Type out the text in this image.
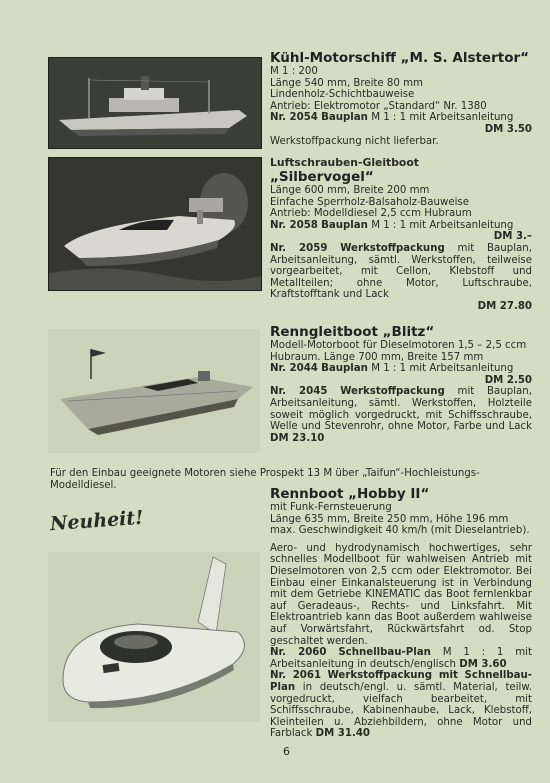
Kühl-Motorschiff „M. S. Alstertor“
M 1 : 200
Länge 540 mm, Breite 80 mm
Lindenholz-Schichtbauweise
Antrieb: Elektromotor „Standard“ Nr. 1380
Nr. 2054 Bauplan M 1 : 1 mit Arbeitsanleitung
DM 3.50
Werkstoffpackung nicht lieferbar.
Luftschrauben-Gleitboot
„Silbervogel“
Länge 600 mm, Breite 200 mm
Einfache Sperrholz-Balsaholz-Bauweise
Antrieb: Modelldiesel 2,5 ccm Hubraum
Nr. 2058 Bauplan M 1 : 1 mit Arbeitsanleitung
DM 3.–
Nr. 2059 Werkstoffpackung mit Bauplan, Arbeitsanleitung, sämtl. Werkstoffen, teilweise vorgearbeitet, mit Cellon, Klebstoff und Metallteilen; ohne Motor, Luftschraube, Kraftstofftank und Lack
DM 27.80
Renngleitboot „Blitz“
Modell-Motorboot für Dieselmotoren 1,5 – 2,5 ccm
Hubraum. Länge 700 mm, Breite 157 mm
Nr. 2044 Bauplan M 1 : 1 mit Arbeitsanleitung
DM 2.50
Nr. 2045 Werkstoffpackung mit Bauplan, Arbeitsanleitung, sämtl. Werkstoffen, Holzteile soweit möglich vorgedruckt, mit Schiffsschraube, Welle und Stevenrohr, ohne Motor, Farbe und Lack DM 23.10
Für den Einbau geeignete Motoren siehe Prospekt 13 M über „Taifun“-Hochleistungs-Modelldiesel.
Neuheit!
Rennboot „Hobby II“
mit Funk-Fernsteuerung
Länge 635 mm, Breite 250 mm, Höhe 196 mm
max. Geschwindigkeit 40 km/h (mit Dieselantrieb).
Aero- und hydrodynamisch hochwertiges, sehr schnelles Modellboot für wahlweisen Antrieb mit Dieselmotoren von 2,5 ccm oder Elektromotor. Bei Einbau einer Einkanalsteuerung ist in Verbindung mit dem Getriebe KINEMATIC das Boot fernlenkbar auf Geradeaus-, Rechts- und Linksfahrt. Mit Elektroantrieb kann das Boot außerdem wahlweise auf Vorwärtsfahrt, Rückwärtsfahrt od. Stop geschaltet werden.
Nr. 2060 Schnellbau-Plan M 1 : 1 mit Arbeitsanleitung in deutsch/englisch DM 3.60
Nr. 2061 Werkstoffpackung mit Schnellbau-Plan in deutsch/engl. u. sämtl. Material, teilw. vorgedruckt, vielfach bearbeitet, mit Schiffsschraube, Kabinenhaube, Lack, Klebstoff, Kleinteilen u. Abziehbildern, ohne Motor und Farblack DM 31.40
6
